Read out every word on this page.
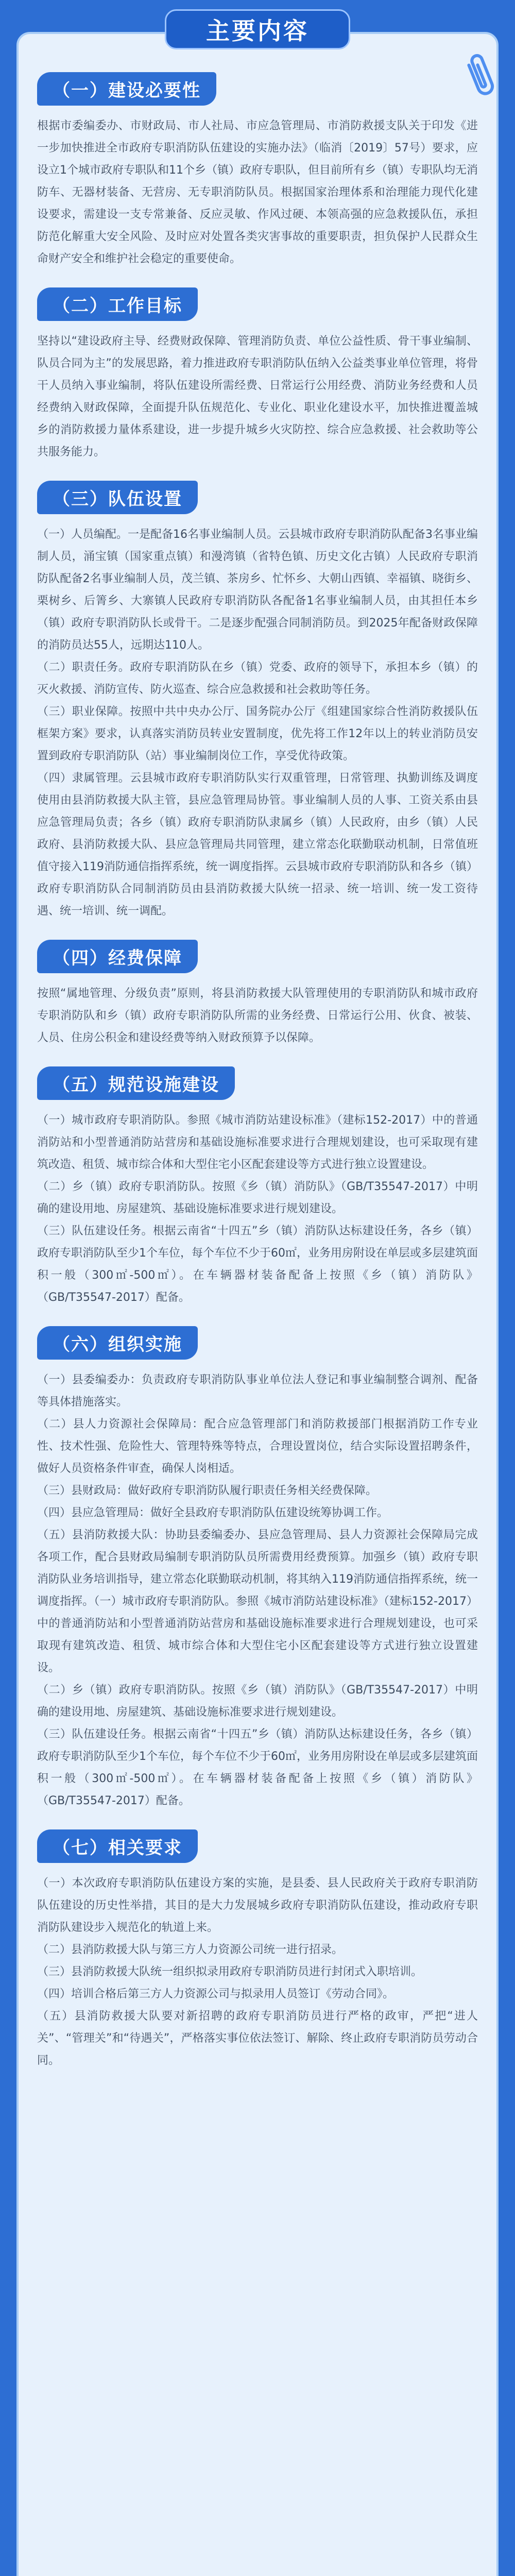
主要内容
（一）建设必要性

根据市委编委办、市财政局、市人社局、市应急管理局、市消防救援支队关于印发《进一步加快推进全市政府专职消防队伍建设的实施办法》（临消〔2019〕57号）要求，应设立1个城市政府专职队和11个乡（镇）政府专职队，但目前所有乡（镇）专职队均无消防车、无器材装备、无营房、无专职消防队员。根据国家治理体系和治理能力现代化建设要求，需建设一支专常兼备、反应灵敏、作风过硬、本领高强的应急救援队伍，承担防范化解重大安全风险、及时应对处置各类灾害事故的重要职责，担负保护人民群众生命财产安全和维护社会稳定的重要使命。

（二）工作目标

坚持以“建设政府主导、经费财政保障、管理消防负责、单位公益性质、骨干事业编制、队员合同为主”的发展思路，着力推进政府专职消防队伍纳入公益类事业单位管理，将骨干人员纳入事业编制，将队伍建设所需经费、日常运行公用经费、消防业务经费和人员经费纳入财政保障，全面提升队伍规范化、专业化、职业化建设水平，加快推进覆盖城乡的消防救援力量体系建设，进一步提升城乡火灾防控、综合应急救援、社会救助等公共服务能力。

（三）队伍设置

（一）人员编配。一是配备16名事业编制人员。云县城市政府专职消防队配备3名事业编制人员，涌宝镇（国家重点镇）和漫湾镇（省特色镇、历史文化古镇）人民政府专职消防队配备2名事业编制人员，茂兰镇、茶房乡、忙怀乡、大朝山西镇、幸福镇、晓街乡、栗树乡、后箐乡、大寨镇人民政府专职消防队各配备1名事业编制人员，由其担任本乡（镇）政府专职消防队长或骨干。二是逐步配强合同制消防员。到2025年配备财政保障的消防员达55人，远期达110人。

（二）职责任务。政府专职消防队在乡（镇）党委、政府的领导下，承担本乡（镇）的灭火救援、消防宣传、防火巡查、综合应急救援和社会救助等任务。

（三）职业保障。按照中共中央办公厅、国务院办公厅《组建国家综合性消防救援队伍框架方案》要求，认真落实消防员转业安置制度，优先将工作12年以上的转业消防员安置到政府专职消防队（站）事业编制岗位工作，享受优待政策。

（四）隶属管理。云县城市政府专职消防队实行双重管理，日常管理、执勤训练及调度使用由县消防救援大队主管，县应急管理局协管。事业编制人员的人事、工资关系由县应急管理局负责；各乡（镇）政府专职消防队隶属乡（镇）人民政府，由乡（镇）人民政府、县消防救援大队、县应急管理局共同管理，建立常态化联勤联动机制，日常值班值守接入119消防通信指挥系统，统一调度指挥。云县城市政府专职消防队和各乡（镇）政府专职消防队合同制消防员由县消防救援大队统一招录、统一培训、统一发工资待遇、统一培训、统一调配。

（四）经费保障

按照“属地管理、分级负责”原则，将县消防救援大队管理使用的专职消防队和城市政府专职消防队和乡（镇）政府专职消防队所需的业务经费、日常运行公用、伙食、被装、人员、住房公积金和建设经费等纳入财政预算予以保障。

（五）规范设施建设

（一）城市政府专职消防队。参照《城市消防站建设标准》（建标152-2017）中的普通消防站和小型普通消防站营房和基础设施标准要求进行合理规划建设，也可采取现有建筑改造、租赁、城市综合体和大型住宅小区配套建设等方式进行独立设置建设。

（二）乡（镇）政府专职消防队。按照《乡（镇）消防队》（GB/T35547-2017）中明确的建设用地、房屋建筑、基础设施标准要求进行规划建设。

（三）队伍建设任务。根据云南省“十四五”乡（镇）消防队达标建设任务，各乡（镇）政府专职消防队至少1个车位，每个车位不少于60㎡，业务用房附设在单层或多层建筑面积一般（300㎡-500㎡）。在车辆器材装备配备上按照《乡（镇）消防队》（GB/T35547-2017）配备。

（六）组织实施

（一）县委编委办：负责政府专职消防队事业单位法人登记和事业编制整合调剂、配备等具体措施落实。

（二）县人力资源社会保障局：配合应急管理部门和消防救援部门根据消防工作专业性、技术性强、危险性大、管理特殊等特点，合理设置岗位，结合实际设置招聘条件，做好人员资格条件审查，确保人岗相适。

（三）县财政局：做好政府专职消防队履行职责任务相关经费保障。

（四）县应急管理局：做好全县政府专职消防队伍建设统筹协调工作。

（五）县消防救援大队：协助县委编委办、县应急管理局、县人力资源社会保障局完成各项工作，配合县财政局编制专职消防队员所需费用经费预算。加强乡（镇）政府专职消防队业务培训指导，建立常态化联勤联动机制，将其纳入119消防通信指挥系统，统一调度指挥。（一）城市政府专职消防队。参照《城市消防站建设标准》（建标152-2017）中的普通消防站和小型普通消防站营房和基础设施标准要求进行合理规划建设，也可采取现有建筑改造、租赁、城市综合体和大型住宅小区配套建设等方式进行独立设置建设。

（二）乡（镇）政府专职消防队。按照《乡（镇）消防队》（GB/T35547-2017）中明确的建设用地、房屋建筑、基础设施标准要求进行规划建设。

（三）队伍建设任务。根据云南省“十四五”乡（镇）消防队达标建设任务，各乡（镇）政府专职消防队至少1个车位，每个车位不少于60㎡，业务用房附设在单层或多层建筑面积一般（300㎡-500㎡）。在车辆器材装备配备上按照《乡（镇）消防队》（GB/T35547-2017）配备。

（七）相关要求

（一）本次政府专职消防队伍建设方案的实施，是县委、县人民政府关于政府专职消防队伍建设的历史性举措，其目的是大力发展城乡政府专职消防队伍建设，推动政府专职消防队建设步入规范化的轨道上来。

（二）县消防救援大队与第三方人力资源公司统一进行招录。

（三）县消防救援大队统一组织拟录用政府专职消防员进行封闭式入职培训。

（四）培训合格后第三方人力资源公司与拟录用人员签订《劳动合同》。

（五）县消防救援大队要对新招聘的政府专职消防员进行严格的政审，严把“进人关”、“管理关”和“待遇关”，严格落实事位依法签订、解除、终止政府专职消防员劳动合同。
